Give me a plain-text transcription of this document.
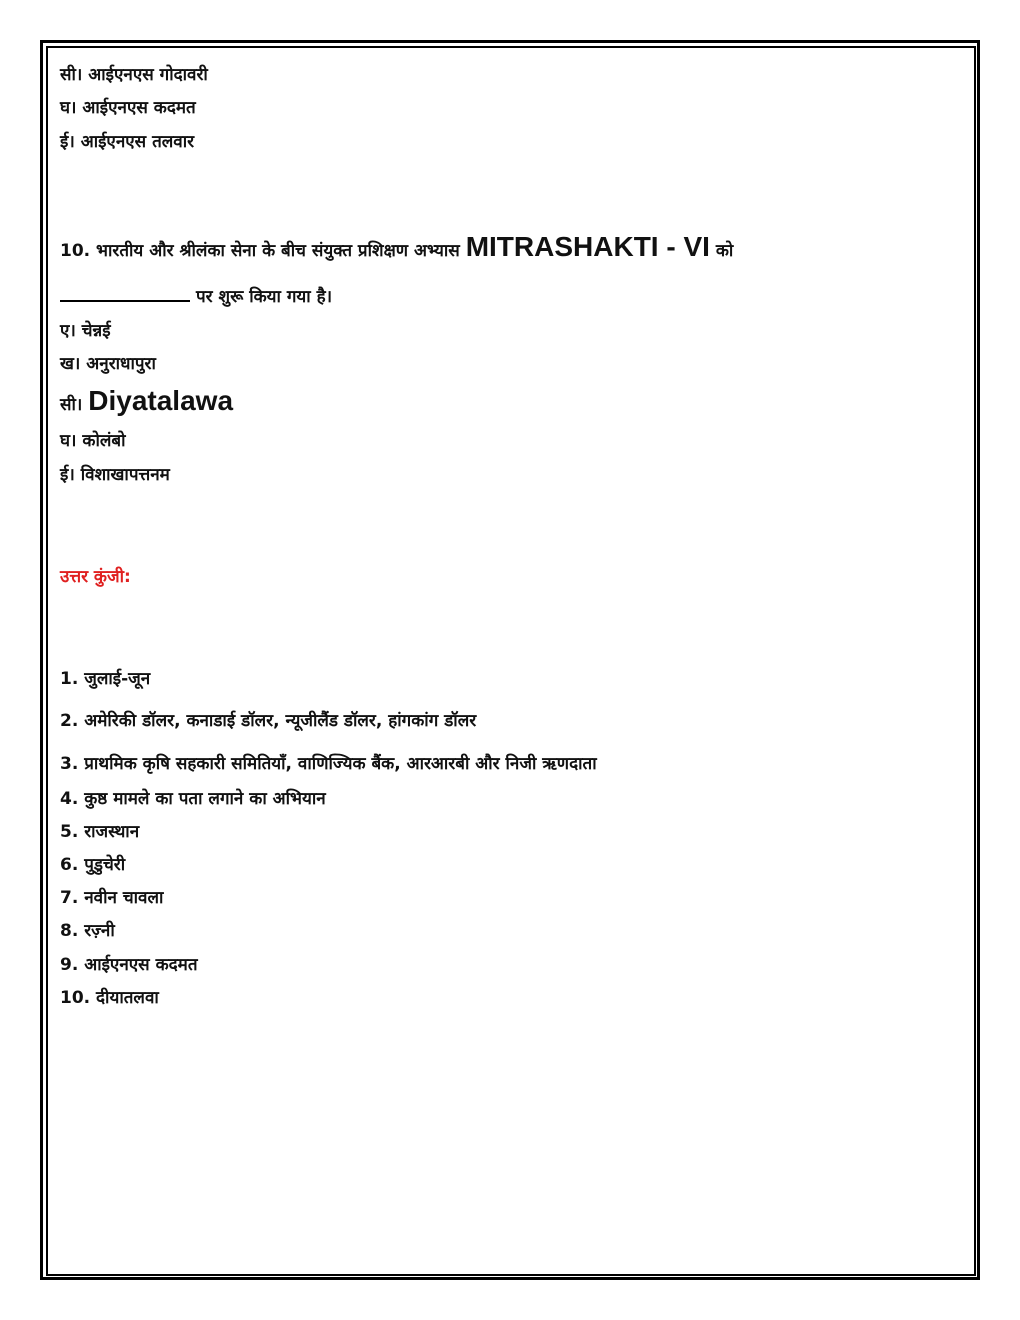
सी। आईएनएस गोदावरी
घ। आईएनएस कदमत
ई। आईएनएस तलवार
10. भारतीय और श्रीलंका सेना के बीच संयुक्त प्रशिक्षण अभ्यास MITRASHAKTI - VI को
पर शुरू किया गया है।
ए। चेन्नई
ख। अनुराधापुरा
सी। Diyatalawa
घ। कोलंबो
ई। विशाखापत्तनम
उत्तर कुंजी:
1. जुलाई-जून
2. अमेरिकी डॉलर, कनाडाई डॉलर, न्यूजीलैंड डॉलर, हांगकांग डॉलर
3. प्राथमिक कृषि सहकारी समितियाँ, वाणिज्यिक बैंक, आरआरबी और निजी ऋणदाता
4. कुष्ठ मामले का पता लगाने का अभियान
5. राजस्थान
6. पुडुचेरी
7. नवीन चावला
8. रज़्नी
9. आईएनएस कदमत
10. दीयातलवा
